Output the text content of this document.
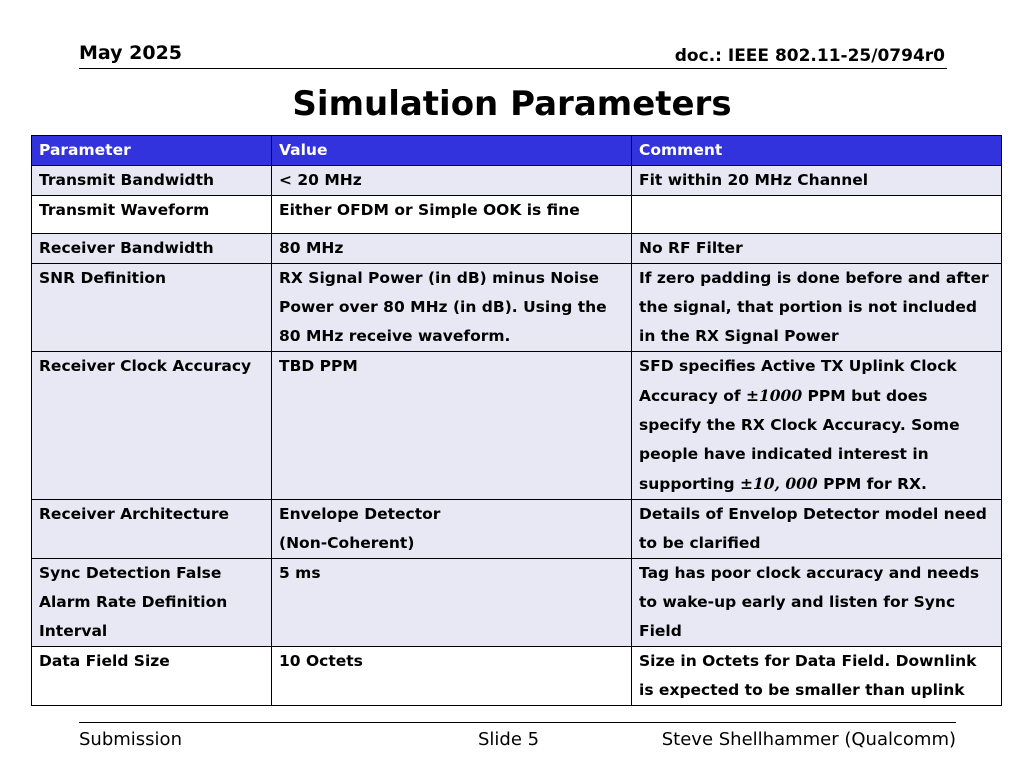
May 2025	doc.: IEEE 802.11-25/0794r0
Simulation Parameters
Parameter	Value	Comment
Transmit Bandwidth	< 20 MHz	Fit within 20 MHz Channel
Transmit Waveform	Either OFDM or Simple OOK is fine	
Receiver Bandwidth	80 MHz	No RF Filter
SNR Definition	RX Signal Power (in dB) minus Noise Power over 80 MHz (in dB). Using the 80 MHz receive waveform.	If zero padding is done before and after the signal, that portion is not included in the RX Signal Power
Receiver Clock Accuracy	TBD PPM	SFD specifies Active TX Uplink Clock Accuracy of ±1000 PPM but does specify the RX Clock Accuracy. Some people have indicated interest in supporting ±10, 000 PPM for RX.
Receiver Architecture	Envelope Detector (Non-Coherent)	Details of Envelop Detector model need to be clarified
Sync Detection False Alarm Rate Definition Interval	5 ms	Tag has poor clock accuracy and needs to wake-up early and listen for Sync Field
Data Field Size	10 Octets	Size in Octets for Data Field. Downlink is expected to be smaller than uplink
Submission	Slide 5	Steve Shellhammer (Qualcomm)
